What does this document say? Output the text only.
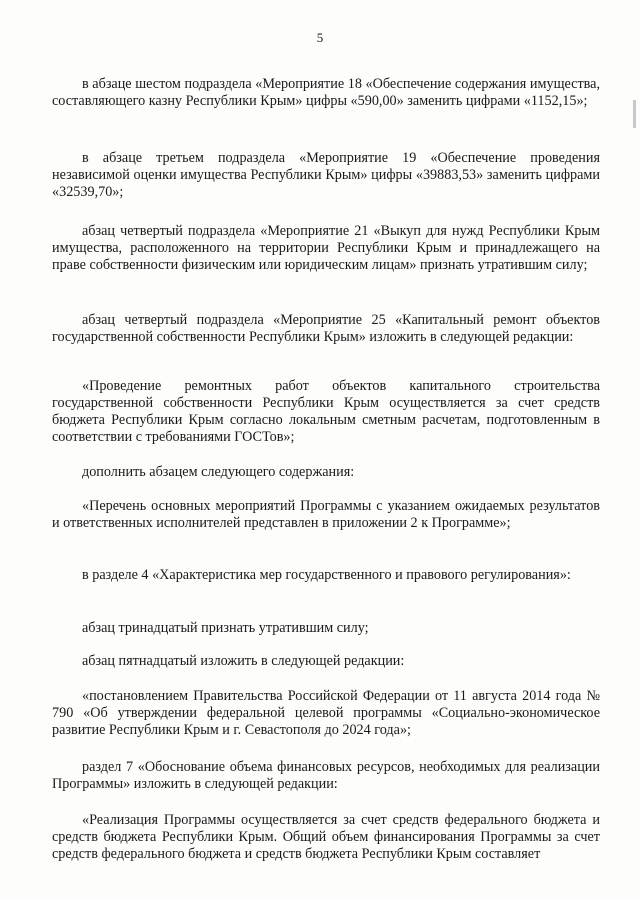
5

в абзаце шестом подраздела «Мероприятие 18 «Обеспечение содержания имущества, составляющего казну Республики Крым» цифры «590,00» заменить цифрами «1152,15»;

в абзаце третьем подраздела «Мероприятие 19 «Обеспечение проведения независимой оценки имущества Республики Крым» цифры «39883,53» заменить цифрами «32539,70»;

абзац четвертый подраздела «Мероприятие 21 «Выкуп для нужд Республики Крым имущества, расположенного на территории Республики Крым и принадлежащего на праве собственности физическим или юридическим лицам» признать утратившим силу;

абзац четвертый подраздела «Мероприятие 25 «Капитальный ремонт объектов государственной собственности Республики Крым» изложить в следующей редакции:

«Проведение ремонтных работ объектов капитального строительства государственной собственности Республики Крым осуществляется за счет средств бюджета Республики Крым согласно локальным сметным расчетам, подготовленным в соответствии с требованиями ГОСТов»;

дополнить абзацем следующего содержания:

«Перечень основных мероприятий Программы с указанием ожидаемых результатов и ответственных исполнителей представлен в приложении 2 к Программе»;

в разделе 4 «Характеристика мер государственного и правового регулирования»:

абзац тринадцатый признать утратившим силу;

абзац пятнадцатый изложить в следующей редакции:

«постановлением Правительства Российской Федерации от 11 августа 2014 года № 790 «Об утверждении федеральной целевой программы «Социально-экономическое развитие Республики Крым и г. Севастополя до 2024 года»;

раздел 7 «Обоснование объема финансовых ресурсов, необходимых для реализации Программы» изложить в следующей редакции:

«Реализация Программы осуществляется за счет средств федерального бюджета и средств бюджета Республики Крым. Общий объем финансирования Программы за счет средств федерального бюджета и средств бюджета Республики Крым составляет
